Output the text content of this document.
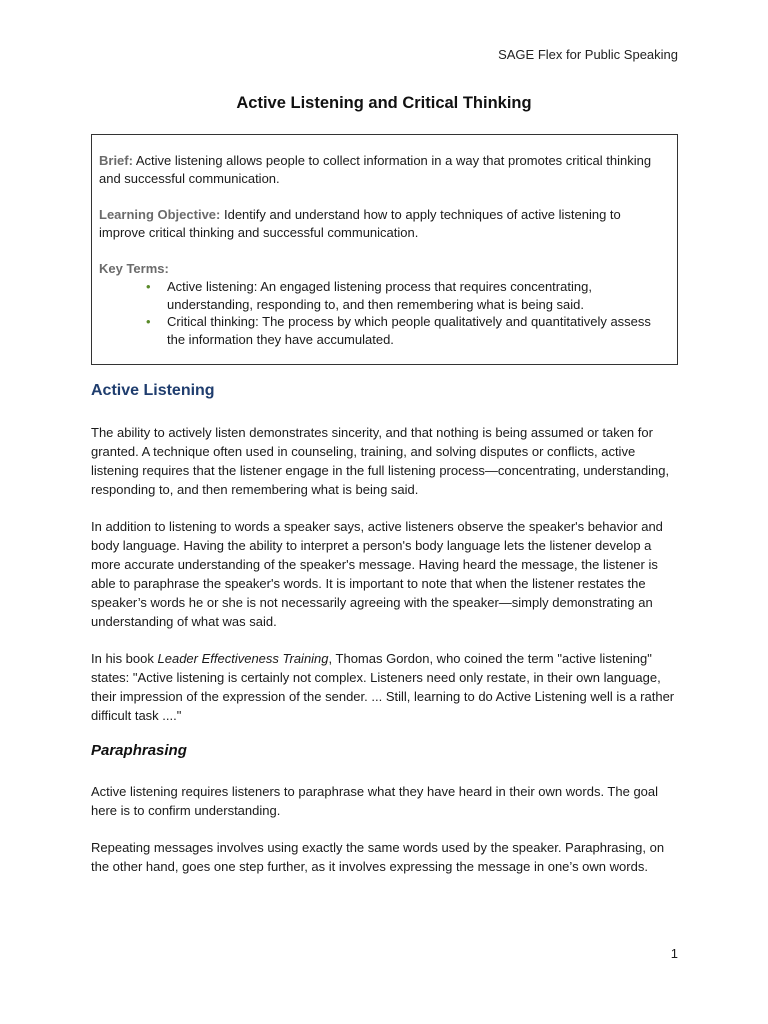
SAGE Flex for Public Speaking
Active Listening and Critical Thinking

Brief: Active listening allows people to collect information in a way that promotes critical thinking and successful communication.

Learning Objective: Identify and understand how to apply techniques of active listening to improve critical thinking and successful communication.

Key Terms:

• Active listening: An engaged listening process that requires concentrating, understanding, responding to, and then remembering what is being said.
• Critical thinking: The process by which people qualitatively and quantitatively assess the information they have accumulated.
Active Listening

The ability to actively listen demonstrates sincerity, and that nothing is being assumed or taken for granted. A technique often used in counseling, training, and solving disputes or conflicts, active listening requires that the listener engage in the full listening process—concentrating, understanding, responding to, and then remembering what is being said.

In addition to listening to words a speaker says, active listeners observe the speaker's behavior and body language. Having the ability to interpret a person's body language lets the listener develop a more accurate understanding of the speaker's message. Having heard the message, the listener is able to paraphrase the speaker's words. It is important to note that when the listener restates the speaker’s words he or she is not necessarily agreeing with the speaker—simply demonstrating an understanding of what was said.

In his book Leader Effectiveness Training, Thomas Gordon, who coined the term "active listening" states: "Active listening is certainly not complex. Listeners need only restate, in their own language, their impression of the expression of the sender. ... Still, learning to do Active Listening well is a rather difficult task ...."

Paraphrasing

Active listening requires listeners to paraphrase what they have heard in their own words. The goal here is to confirm understanding.

Repeating messages involves using exactly the same words used by the speaker. Paraphrasing, on the other hand, goes one step further, as it involves expressing the message in one’s own words.

1
